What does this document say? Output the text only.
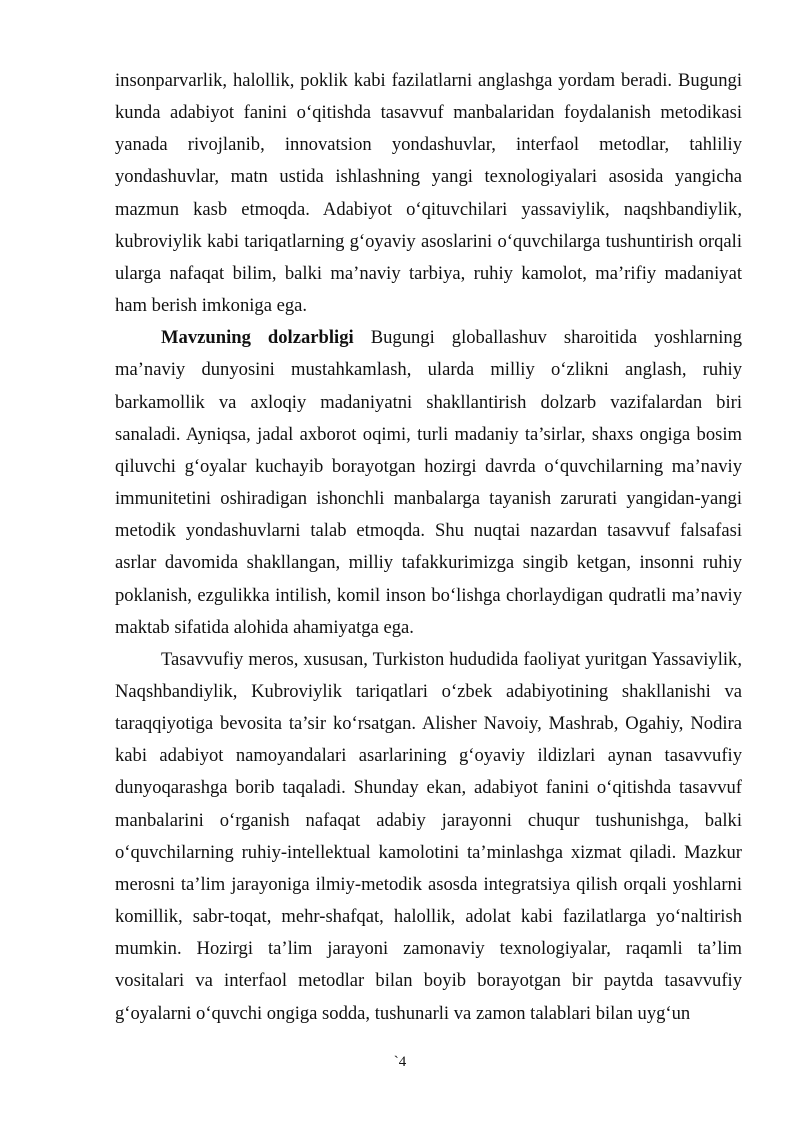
insonparvarlik, halollik, poklik kabi fazilatlarni anglashga yordam beradi. Bugungi kunda adabiyot fanini o‘qitishda tasavvuf manbalaridan foydalanish metodikasi yanada rivojlanib, innovatsion yondashuvlar, interfaol metodlar, tahliliy yondashuvlar, matn ustida ishlashning yangi texnologiyalari asosida yangicha mazmun kasb etmoqda. Adabiyot o‘qituvchilari yassaviylik, naqshbandiylik, kubroviylik kabi tariqatlarning g‘oyaviy asoslarini o‘quvchilarga tushuntirish orqali ularga nafaqat bilim, balki ma’naviy tarbiya, ruhiy kamolot, ma’rifiy madaniyat ham berish imkoniga ega.

Mavzuning dolzarbligi Bugungi globallashuv sharoitida yoshlarning ma’naviy dunyosini mustahkamlash, ularda milliy o‘zlikni anglash, ruhiy barkamollik va axloqiy madaniyatni shakllantirish dolzarb vazifalardan biri sanaladi. Ayniqsa, jadal axborot oqimi, turli madaniy ta’sirlar, shaxs ongiga bosim qiluvchi g‘oyalar kuchayib borayotgan hozirgi davrda o‘quvchilarning ma’naviy immunitetini oshiradigan ishonchli manbalarga tayanish zarurati yangidan-yangi metodik yondashuvlarni talab etmoqda. Shu nuqtai nazardan tasavvuf falsafasi asrlar davomida shakllangan, milliy tafakkurimizga singib ketgan, insonni ruhiy poklanish, ezgulikka intilish, komil inson bo‘lishga chorlaydigan qudratli ma’naviy maktab sifatida alohida ahamiyatga ega.

Tasavvufiy meros, xususan, Turkiston hududida faoliyat yuritgan Yassaviylik, Naqshbandiylik, Kubroviylik tariqatlari o‘zbek adabiyotining shakllanishi va taraqqiyotiga bevosita ta’sir ko‘rsatgan. Alisher Navoiy, Mashrab, Ogahiy, Nodira kabi adabiyot namoyandalari asarlarining g‘oyaviy ildizlari aynan tasavvufiy dunyoqarashga borib taqaladi. Shunday ekan, adabiyot fanini o‘qitishda tasavvuf manbalarini o‘rganish nafaqat adabiy jarayonni chuqur tushunishga, balki o‘quvchilarning ruhiy-intellektual kamolotini ta’minlashga xizmat qiladi. Mazkur merosni ta’lim jarayoniga ilmiy-metodik asosda integratsiya qilish orqali yoshlarni komillik, sabr-toqat, mehr-shafqat, halollik, adolat kabi fazilatlarga yo‘naltirish mumkin. Hozirgi ta’lim jarayoni zamonaviy texnologiyalar, raqamli ta’lim vositalari va interfaol metodlar bilan boyib borayotgan bir paytda tasavvufiy g‘oyalarni o‘quvchi ongiga sodda, tushunarli va zamon talablari bilan uyg‘un

`4
